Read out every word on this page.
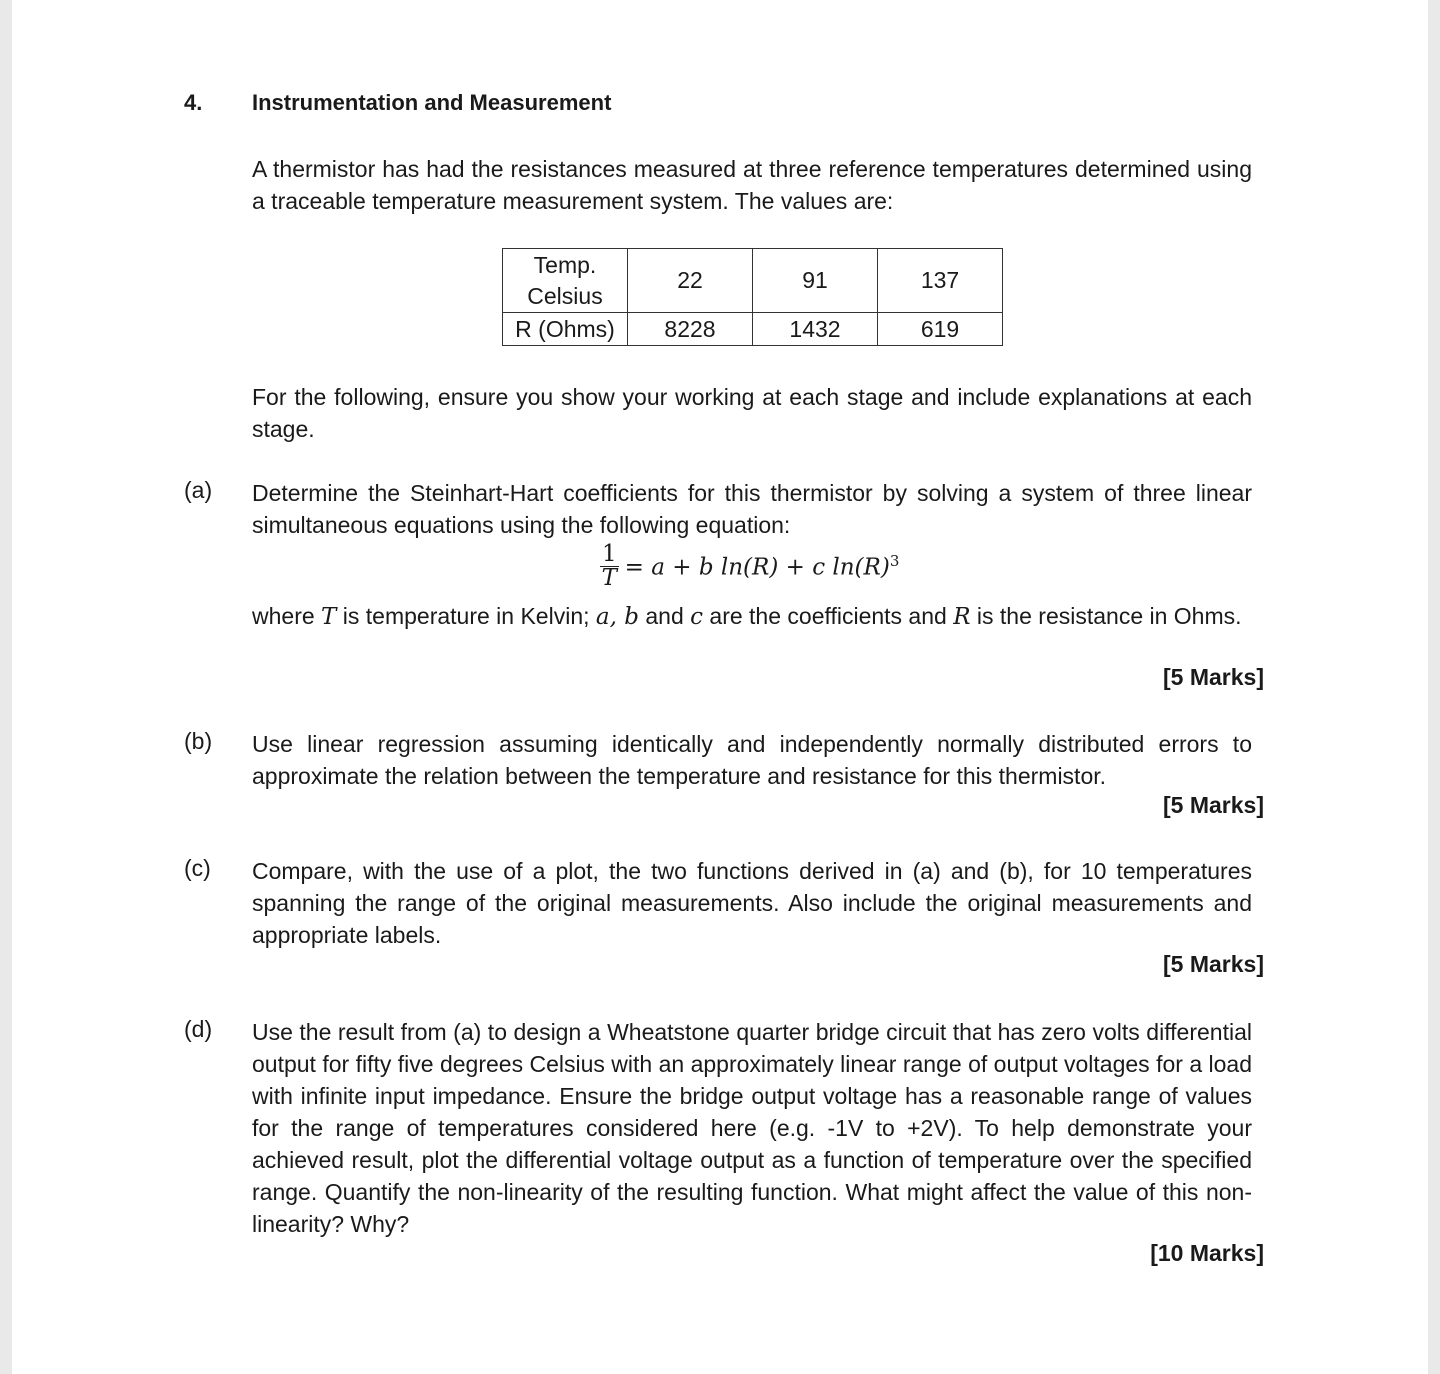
4. Instrumentation and Measurement
A thermistor has had the resistances measured at three reference temperatures determined using a traceable temperature measurement system. The values are:
Temp.
Celsius	22	91	137
R (Ohms)	8228	1432	619
For the following, ensure you show your working at each stage and include explanations at each stage.
(a) Determine the Steinhart-Hart coefficients for this thermistor by solving a system of three linear simultaneous equations using the following equation:
$\frac{1}{T} = a + b$ ln(R) + c $\ln(R)^3$
where T is temperature in Kelvin; a, b and c are the coefficients and R is the resistance in Ohms.
[5 Marks]
(b) Use linear regression assuming identically and independently normally distributed errors to approximate the relation between the temperature and resistance for this thermistor.
[5 Marks]
(c) Compare, with the use of a plot, the two functions derived in (a) and (b), for 10 temperatures spanning the range of the original measurements. Also include the original measurements and appropriate labels.
[5 Marks]
(d) Use the result from (a) to design a Wheatstone quarter bridge circuit that has zero volts differential output for fifty five degrees Celsius with an approximately linear range of output voltages for a load with infinite input impedance. Ensure the bridge output voltage has a reasonable range of values for the range of temperatures considered here (e.g. -1V to +2V). To help demonstrate your achieved result, plot the differential voltage output as a function of temperature over the specified range. Quantify the non-linearity of the resulting function. What might affect the value of this non-linearity? Why?
[10 Marks]
